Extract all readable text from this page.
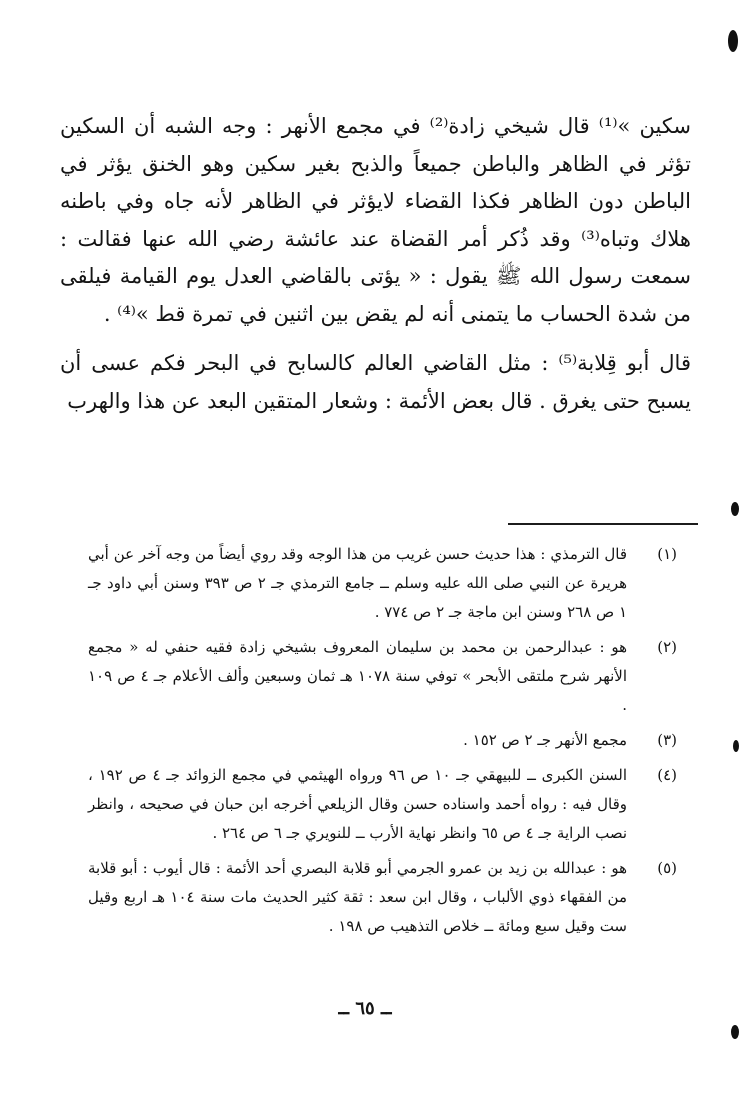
سكين »⁽¹⁾ قال شيخي زادة⁽²⁾ في مجمع الأنهر : وجه الشبه أن السكين تؤثر في الظاهر والباطن جميعاً والذبح بغير سكين وهو الخنق يؤثر في الباطن دون الظاهر فكذا القضاء لايؤثر في الظاهر لأنه جاه وفي باطنه هلاك وتباه⁽³⁾ وقد ذُكر أمر القضاة عند عائشة رضي الله عنها فقالت : سمعت رسول الله ﷺ يقول : « يؤتى بالقاضي العدل يوم القيامة فيلقى من شدة الحساب ما يتمنى أنه لم يقض بين اثنين في تمرة قط »⁽⁴⁾ .

قال أبو قِلابة⁽⁵⁾ : مثل القاضي العالم كالسابح في البحر فكم عسى أن يسبح حتى يغرق . قال بعض الأئمة : وشعار المتقين البعد عن هذا والهرب

(١)
قال الترمذي : هذا حديث حسن غريب من هذا الوجه وقد روي أيضاً من وجه آخر عن أبي هريرة عن النبي صلى الله عليه وسلم ــ جامع الترمذي جـ ٢ ص ٣٩٣ وسنن أبي داود جـ ١ ص ٢٦٨ وسنن ابن ماجة جـ ٢ ص ٧٧٤ .
(٢)
هو : عبدالرحمن بن محمد بن سليمان المعروف بشيخي زادة فقيه حنفي له « مجمع الأنهر شرح ملتقى الأبحر » توفي سنة ١٠٧٨ هـ ثمان وسبعين وألف الأعلام جـ ٤ ص ١٠٩ .
(٣)
مجمع الأنهر جـ ٢ ص ١٥٢ .
(٤)
السنن الكبرى ــ للبيهقي جـ ١٠ ص ٩٦ ورواه الهيثمي في مجمع الزوائد جـ ٤ ص ١٩٢ ، وقال فيه : رواه أحمد واسناده حسن وقال الزيلعي أخرجه ابن حبان في صحيحه ، وانظر نصب الراية جـ ٤ ص ٦٥ وانظر نهاية الأرب ــ للنويري جـ ٦ ص ٢٦٤ .
(٥)
هو : عبدالله بن زيد بن عمرو الجرمي أبو قلابة البصري أحد الأئمة : قال أيوب : أبو قلابة من الفقهاء ذوي الألباب ، وقال ابن سعد : ثقة كثير الحديث مات سنة ١٠٤ هـ اربع وقيل ست وقيل سبع ومائة ــ خلاص التذهيب ص ١٩٨ .
ــ ٦٥ ــ
